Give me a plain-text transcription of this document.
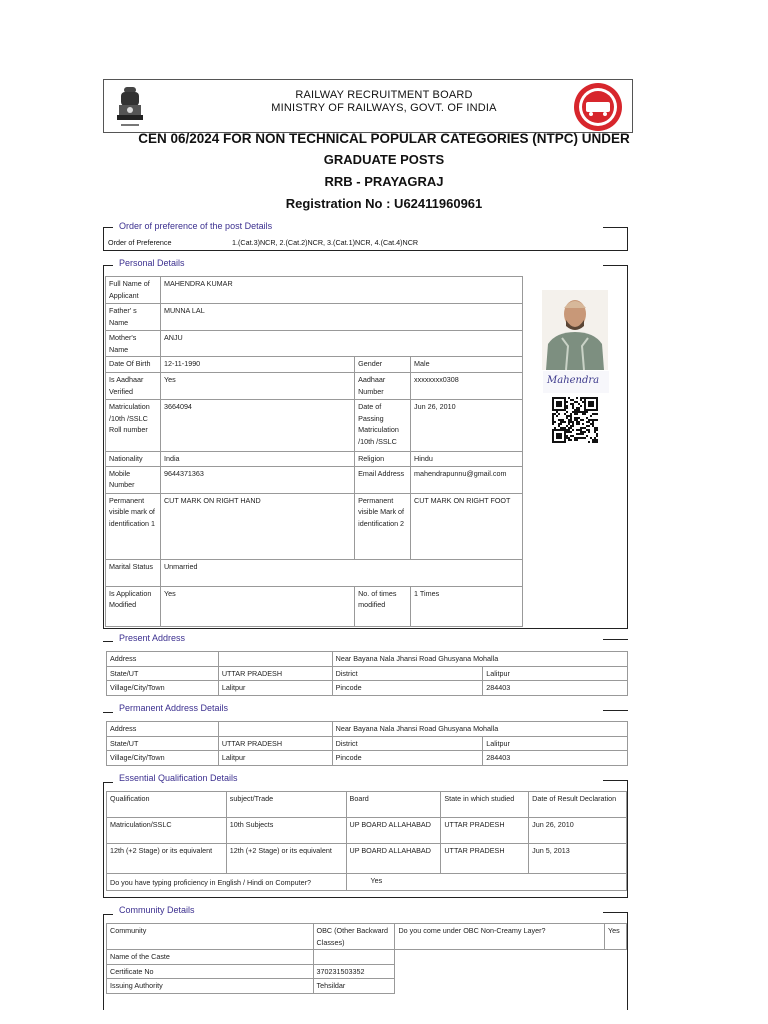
RAILWAY RECRUITMENT BOARD
MINISTRY OF RAILWAYS, GOVT. OF INDIA
CEN 06/2024 FOR NON TECHNICAL POPULAR CATEGORIES (NTPC) UNDER
GRADUATE POSTS
RRB - PRAYAGRAJ
Registration No : U62411960961
Order of preference of the post Details
Order of Preference	1.(Cat.3)NCR, 2.(Cat.2)NCR, 3.(Cat.1)NCR, 4.(Cat.4)NCR
Personal Details
Full Name of Applicant	MAHENDRA KUMAR		
Father' s Name	MUNNA LAL		
Mother's Name	ANJU		
Date Of Birth	12-11-1990	Gender	Male
Is Aadhaar Verified	Yes	Aadhaar Number	xxxxxxxx0308
Matriculation /10th /SSLC Roll number	3664094	Date of Passing Matriculation /10th /SSLC	Jun 26, 2010
Nationality	India	Religion	Hindu
Mobile Number	9644371363	Email Address	mahendrapunnu@gmail.com
Permanent visible mark of identification 1	CUT MARK ON RIGHT HAND	Permanent visible Mark of identification 2	CUT MARK ON RIGHT FOOT
Marital Status	Unmarried		
Is Application Modified	Yes	No. of times modified	1 Times
Mahendra
Present Address
Address		Near Bayana Nala Jhansi Road Ghusyana Mohalla	
State/UT	UTTAR PRADESH	District	Lalitpur
Village/City/Town	Lalitpur	Pincode	284403
Permanent Address Details
Address		Near Bayana Nala Jhansi Road Ghusyana Mohalla	
State/UT	UTTAR PRADESH	District	Lalitpur
Village/City/Town	Lalitpur	Pincode	284403
Essential Qualification Details
Qualification	subject/Trade	Board	State in which studied	Date of Result Declaration
Matriculation/SSLC	10th Subjects	UP BOARD ALLAHABAD	UTTAR PRADESH	Jun 26, 2010
12th (+2 Stage) or its equivalent	12th (+2 Stage) or its equivalent	UP BOARD ALLAHABAD	UTTAR PRADESH	Jun 5, 2013
Do you have typing proficiency in English / Hindi on Computer?		Yes		
Community Details
Community	OBC (Other Backward Classes)	Do you come under OBC Non-Creamy Layer?	Yes
Name of the Caste			
Certificate No	370231503352		
Issuing Authority	Tehsildar		
